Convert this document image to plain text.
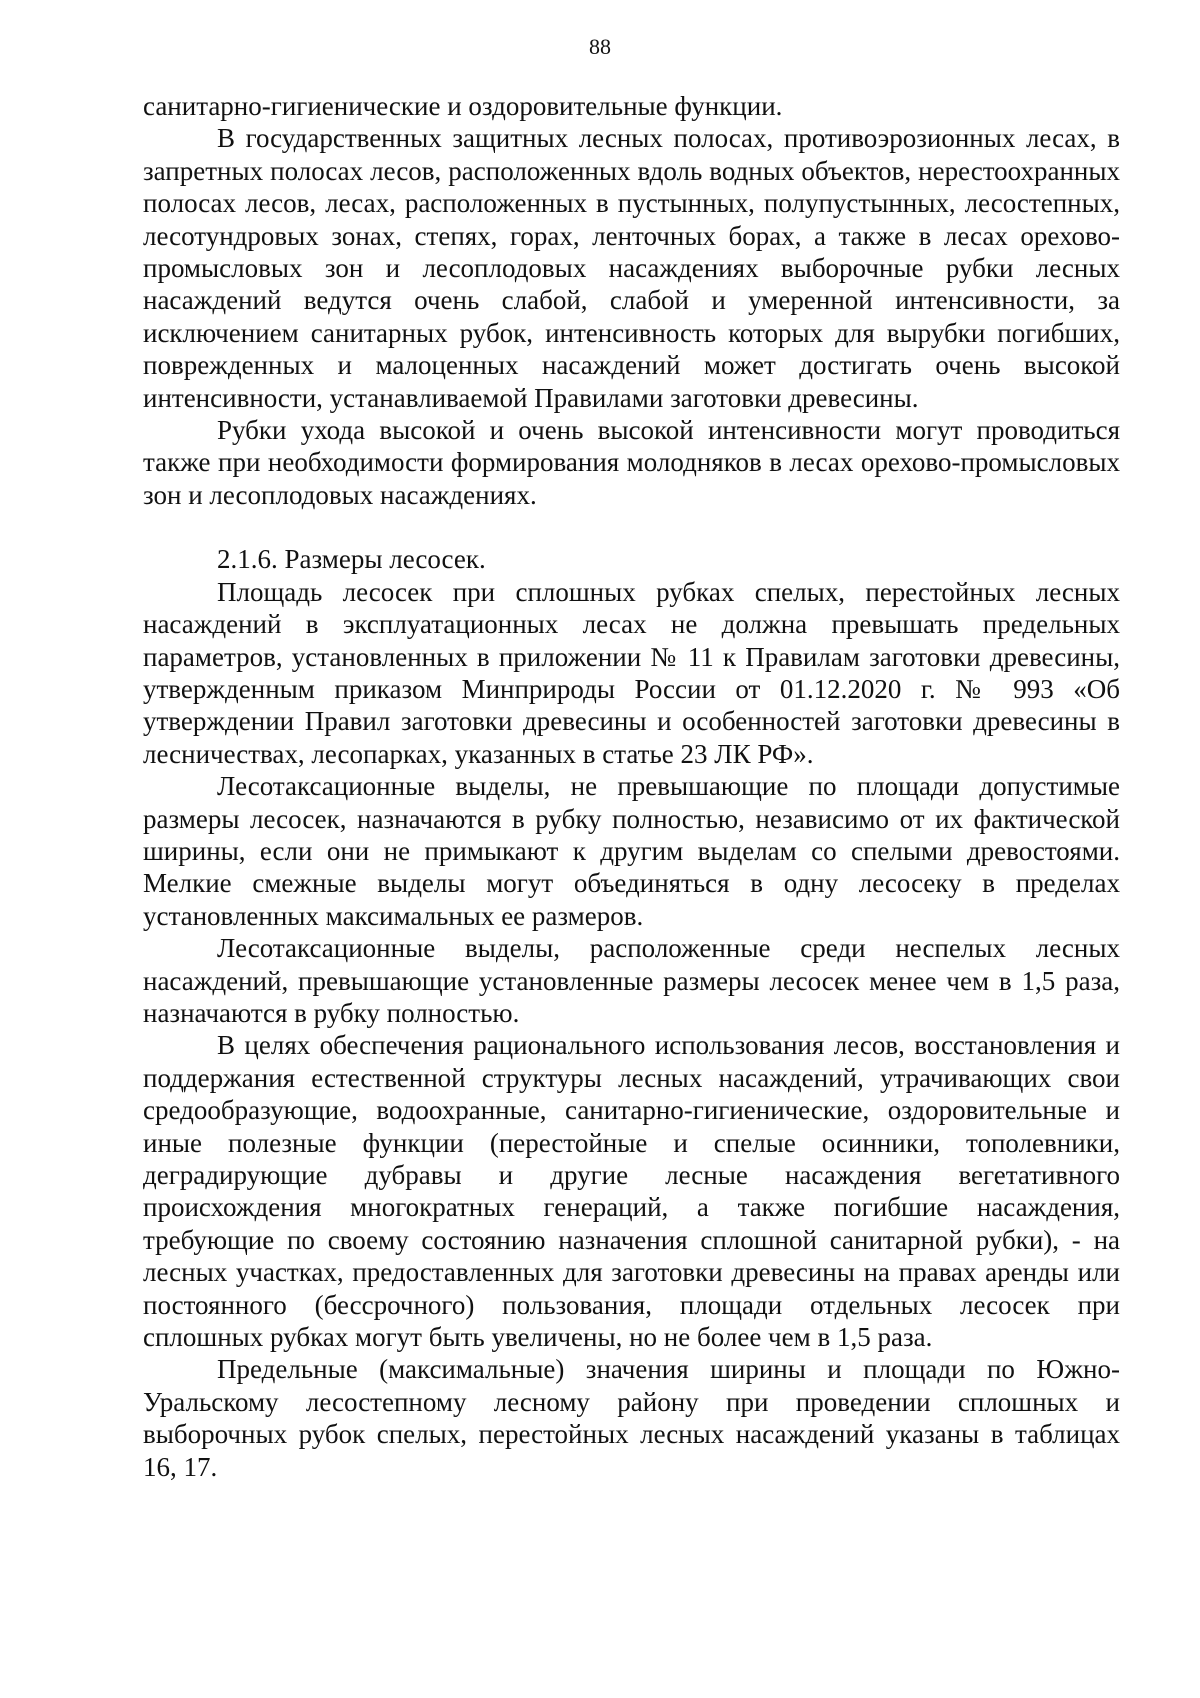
88

санитарно-гигиенические и оздоровительные функции.

В государственных защитных лесных полосах, противоэрозионных лесах, в запретных полосах лесов, расположенных вдоль водных объектов, нерестоохранных полосах лесов, лесах, расположенных в пустынных, полупустынных, лесостепных, лесотундровых зонах, степях, горах, ленточных борах, а также в лесах орехово-промысловых зон и лесоплодовых насаждениях выборочные рубки лесных насаждений ведутся очень слабой, слабой и умеренной интенсивности, за исключением санитарных рубок, интенсивность которых для вырубки погибших, поврежденных и малоценных насаждений может достигать очень высокой интенсивности, устанавливаемой Правилами заготовки древесины.

Рубки ухода высокой и очень высокой интенсивности могут проводиться также при необходимости формирования молодняков в лесах орехово-промысловых зон и лесоплодовых насаждениях.

2.1.6. Размеры лесосек.

Площадь лесосек при сплошных рубках спелых, перестойных лесных насаждений в эксплуатационных лесах не должна превышать предельных параметров, установленных в приложении № 11 к Правилам заготовки древесины, утвержденным приказом Минприроды России от 01.12.2020 г. № 993 «Об утверждении Правил заготовки древесины и особенностей заготовки древесины в лесничествах, лесопарках, указанных в статье 23 ЛК РФ».

Лесотаксационные выделы, не превышающие по площади допустимые размеры лесосек, назначаются в рубку полностью, независимо от их фактической ширины, если они не примыкают к другим выделам со спелыми древостоями. Мелкие смежные выделы могут объединяться в одну лесосеку в пределах установленных максимальных ее размеров.

Лесотаксационные выделы, расположенные среди неспелых лесных насаждений, превышающие установленные размеры лесосек менее чем в 1,5 раза, назначаются в рубку полностью.

В целях обеспечения рационального использования лесов, восстановления и поддержания естественной структуры лесных насаждений, утрачивающих свои средообразующие, водоохранные, санитарно-гигиенические, оздоровительные и иные полезные функции (перестойные и спелые осинники, тополевники, деградирующие дубравы и другие лесные насаждения вегетативного происхождения многократных генераций, а также погибшие насаждения, требующие по своему состоянию назначения сплошной санитарной рубки), - на лесных участках, предоставленных для заготовки древесины на правах аренды или постоянного (бессрочного) пользования, площади отдельных лесосек при сплошных рубках могут быть увеличены, но не более чем в 1,5 раза.

Предельные (максимальные) значения ширины и площади по Южно-Уральскому лесостепному лесному району при проведении сплошных и выборочных рубок спелых, перестойных лесных насаждений указаны в таблицах 16, 17.
